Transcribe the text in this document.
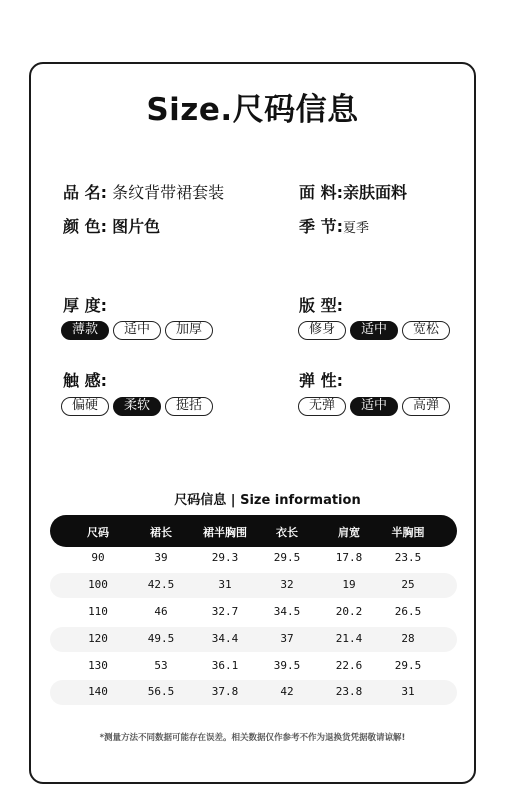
Size.尺码信息
品 名: 条纹背带裙套装
颜 色: 图片色
面 料:亲肤面料
季 节:夏季
厚 度:
薄款	适中	加厚
版 型:
修身	适中	宽松
触 感:
偏硬	柔软	挺括
弹 性:
无弹	适中	高弹
尺码信息 | Size information
尺码	裙长	裙半胸围	衣长	肩宽	半胸围
90	39	29.3	29.5	17.8	23.5
100	42.5	31	32	19	25
110	46	32.7	34.5	20.2	26.5
120	49.5	34.4	37	21.4	28
130	53	36.1	39.5	22.6	29.5
140	56.5	37.8	42	23.8	31
*测量方法不同数据可能存在误差。相关数据仅作参考不作为退换货凭据敬请谅解!
